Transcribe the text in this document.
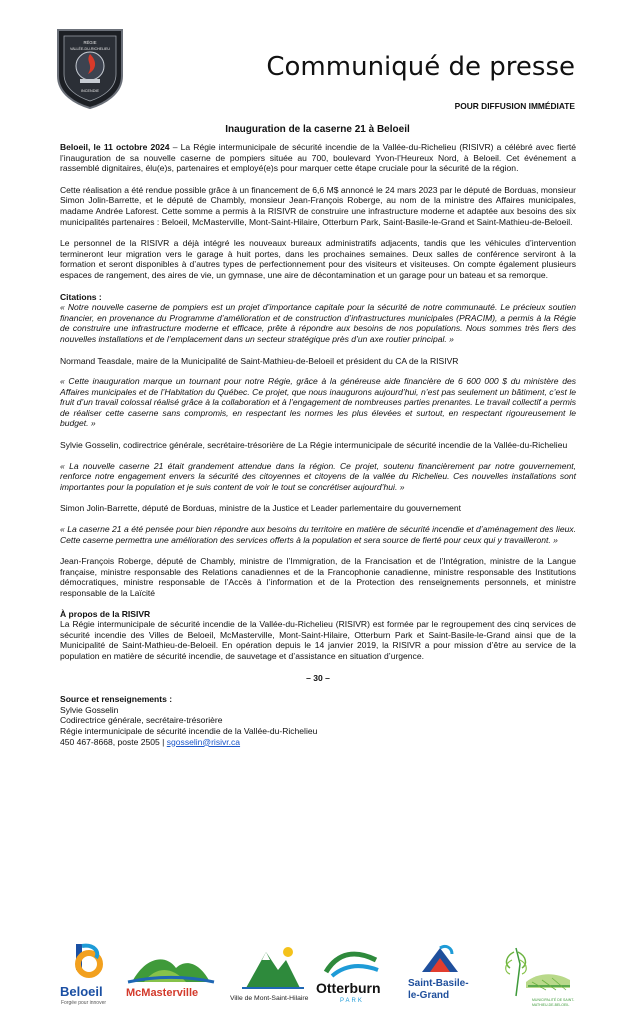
RÉGIE
VALLÉE-DU-RICHELIEU
INCENDIE
Communiqué de presse
POUR DIFFUSION IMMÉDIATE
Inauguration de la caserne 21 à Beloeil

Beloeil, le 11 octobre 2024 – La Régie intermunicipale de sécurité incendie de la Vallée-du-Richelieu (RISIVR) a célébré avec fierté l’inauguration de sa nouvelle caserne de pompiers située au 700, boulevard Yvon-l’Heureux Nord, à Beloeil. Cet événement a rassemblé dignitaires, élu(e)s, partenaires et employé(e)s pour marquer cette étape cruciale pour la sécurité de la région.

Cette réalisation a été rendue possible grâce à un financement de 6,6 M$ annoncé le 24 mars 2023 par le député de Borduas, monsieur Simon Jolin-Barrette, et le député de Chambly, monsieur Jean-François Roberge, au nom de la ministre des Affaires municipales, madame Andrée Laforest. Cette somme a permis à la RISIVR de construire une infrastructure moderne et adaptée aux besoins des six municipalités partenaires : Beloeil, McMasterville, Mont-Saint-Hilaire, Otterburn Park, Saint-Basile-le-Grand et Saint-Mathieu-de-Beloeil.

Le personnel de la RISIVR a déjà intégré les nouveaux bureaux administratifs adjacents, tandis que les véhicules d’intervention termineront leur migration vers le garage à huit portes, dans les prochaines semaines. Deux salles de conférence serviront à la formation et seront disponibles à d’autres types de perfectionnement pour des visiteurs et visiteuses. On compte également plusieurs espaces de rangement, des aires de vie, un gymnase, une aire de décontamination et un garage pour un bateau et sa remorque.

Citations :

« Notre nouvelle caserne de pompiers est un projet d’importance capitale pour la sécurité de notre communauté. Le précieux soutien financier, en provenance du Programme d’amélioration et de construction d’infrastructures municipales (PRACIM), a permis à la Régie de construire une infrastructure moderne et efficace, prête à répondre aux besoins de nos populations. Nous sommes très fiers des nouvelles installations et de l’emplacement dans un secteur stratégique près d’un axe routier principal. »

Normand Teasdale, maire de la Municipalité de Saint-Mathieu-de-Beloeil et président du CA de la RISIVR

« Cette inauguration marque un tournant pour notre Régie, grâce à la généreuse aide financière de 6 600 000 $ du ministère des Affaires municipales et de l’Habitation du Québec. Ce projet, que nous inaugurons aujourd’hui, n’est pas seulement un bâtiment, c’est le fruit d’un travail colossal réalisé grâce à la collaboration et à l’engagement de nombreuses parties prenantes. Le travail collectif a permis de réaliser cette caserne sans compromis, en respectant les normes les plus élevées et surtout, en respectant rigoureusement le budget. »

Sylvie Gosselin, codirectrice générale, secrétaire-trésorière de La Régie intermunicipale de sécurité incendie de la Vallée-du-Richelieu

« La nouvelle caserne 21 était grandement attendue dans la région. Ce projet, soutenu financièrement par notre gouvernement, renforce notre engagement envers la sécurité des citoyennes et citoyens de la vallée du Richelieu. Ces nouvelles installations sont importantes pour la population et je suis content de voir le tout se concrétiser aujourd’hui. »

Simon Jolin-Barrette, député de Borduas, ministre de la Justice et Leader parlementaire du gouvernement

« La caserne 21 a été pensée pour bien répondre aux besoins du territoire en matière de sécurité incendie et d’aménagement des lieux. Cette caserne permettra une amélioration des services offerts à la population et sera source de fierté pour ceux qui y travailleront. »

Jean-François Roberge, député de Chambly, ministre de l’Immigration, de la Francisation et de l’Intégration, ministre de la Langue française, ministre responsable des Relations canadiennes et de la Francophonie canadienne, ministre responsable des Institutions démocratiques, ministre responsable de l’Accès à l’information et de la Protection des renseignements personnels, et ministre responsable de la Laïcité

À propos de la RISIVR

La Régie intermunicipale de sécurité incendie de la Vallée-du-Richelieu (RISIVR) est formée par le regroupement des cinq services de sécurité incendie des Villes de Beloeil, McMasterville, Mont-Saint-Hilaire, Otterburn Park et Saint-Basile-le-Grand ainsi que de la Municipalité de Saint-Mathieu-de-Beloeil. En opération depuis le 14 janvier 2019, la RISIVR a pour mission d’être au service de la population en matière de sécurité incendie, de sauvetage et d’assistance en situation d’urgence.

– 30 –

Source et renseignements :

Sylvie Gosselin

Codirectrice générale, secrétaire-trésorière

Régie intermunicipale de sécurité incendie de la Vallée-du-Richelieu

450 467-8668, poste 2505 | sgosselin@risivr.ca

Beloeil
Forgée pour innover
McMasterville	Ville de Mont-Saint-Hilaire
Otterburn
PARK
Saint-Basile-
le-Grand	MUNICIPALITÉ DE SAINT-MATHIEU-DE-BELOEIL
